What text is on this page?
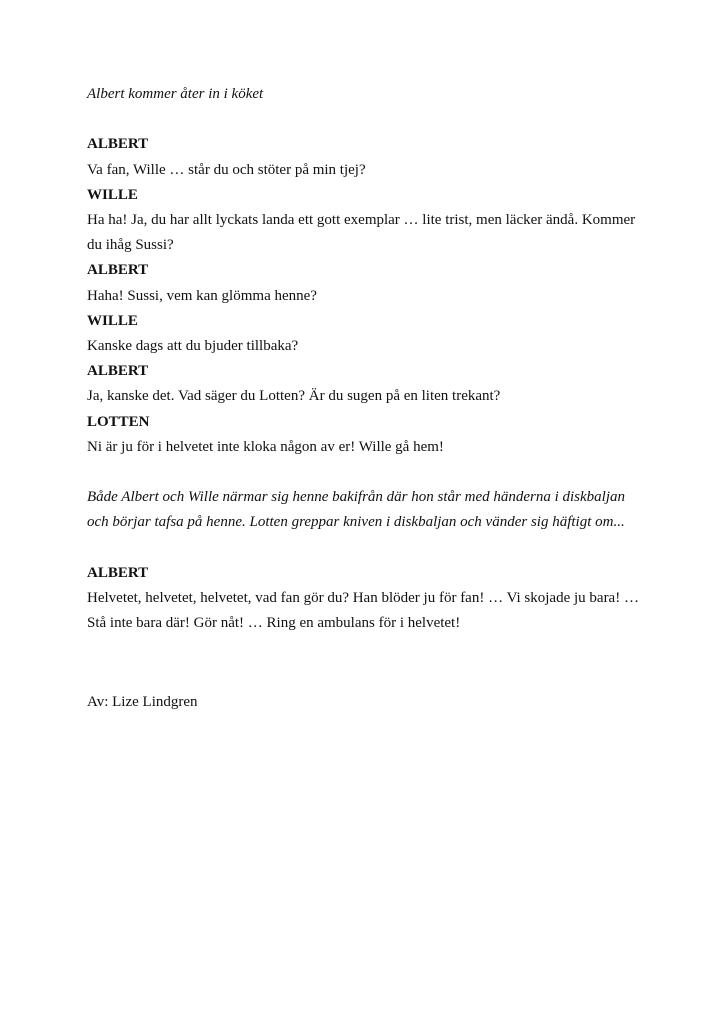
Albert kommer åter in i köket

ALBERT

Va fan, Wille … står du och stöter på min tjej?

WILLE

Ha ha! Ja, du har allt lyckats landa ett gott exemplar … lite trist, men läcker ändå. Kommer du ihåg Sussi?

ALBERT

Haha! Sussi, vem kan glömma henne?

WILLE

Kanske dags att du bjuder tillbaka?

ALBERT

Ja, kanske det. Vad säger du Lotten? Är du sugen på en liten trekant?

LOTTEN

Ni är ju för i helvetet inte kloka någon av er! Wille gå hem!

Både Albert och Wille närmar sig henne bakifrån där hon står med händerna i diskbaljan och börjar tafsa på henne. Lotten greppar kniven i diskbaljan och vänder sig häftigt om...

ALBERT

Helvetet, helvetet, helvetet, vad fan gör du? Han blöder ju för fan! … Vi skojade ju bara! … Stå inte bara där! Gör nåt! … Ring en ambulans för i helvetet!

Av: Lize Lindgren
